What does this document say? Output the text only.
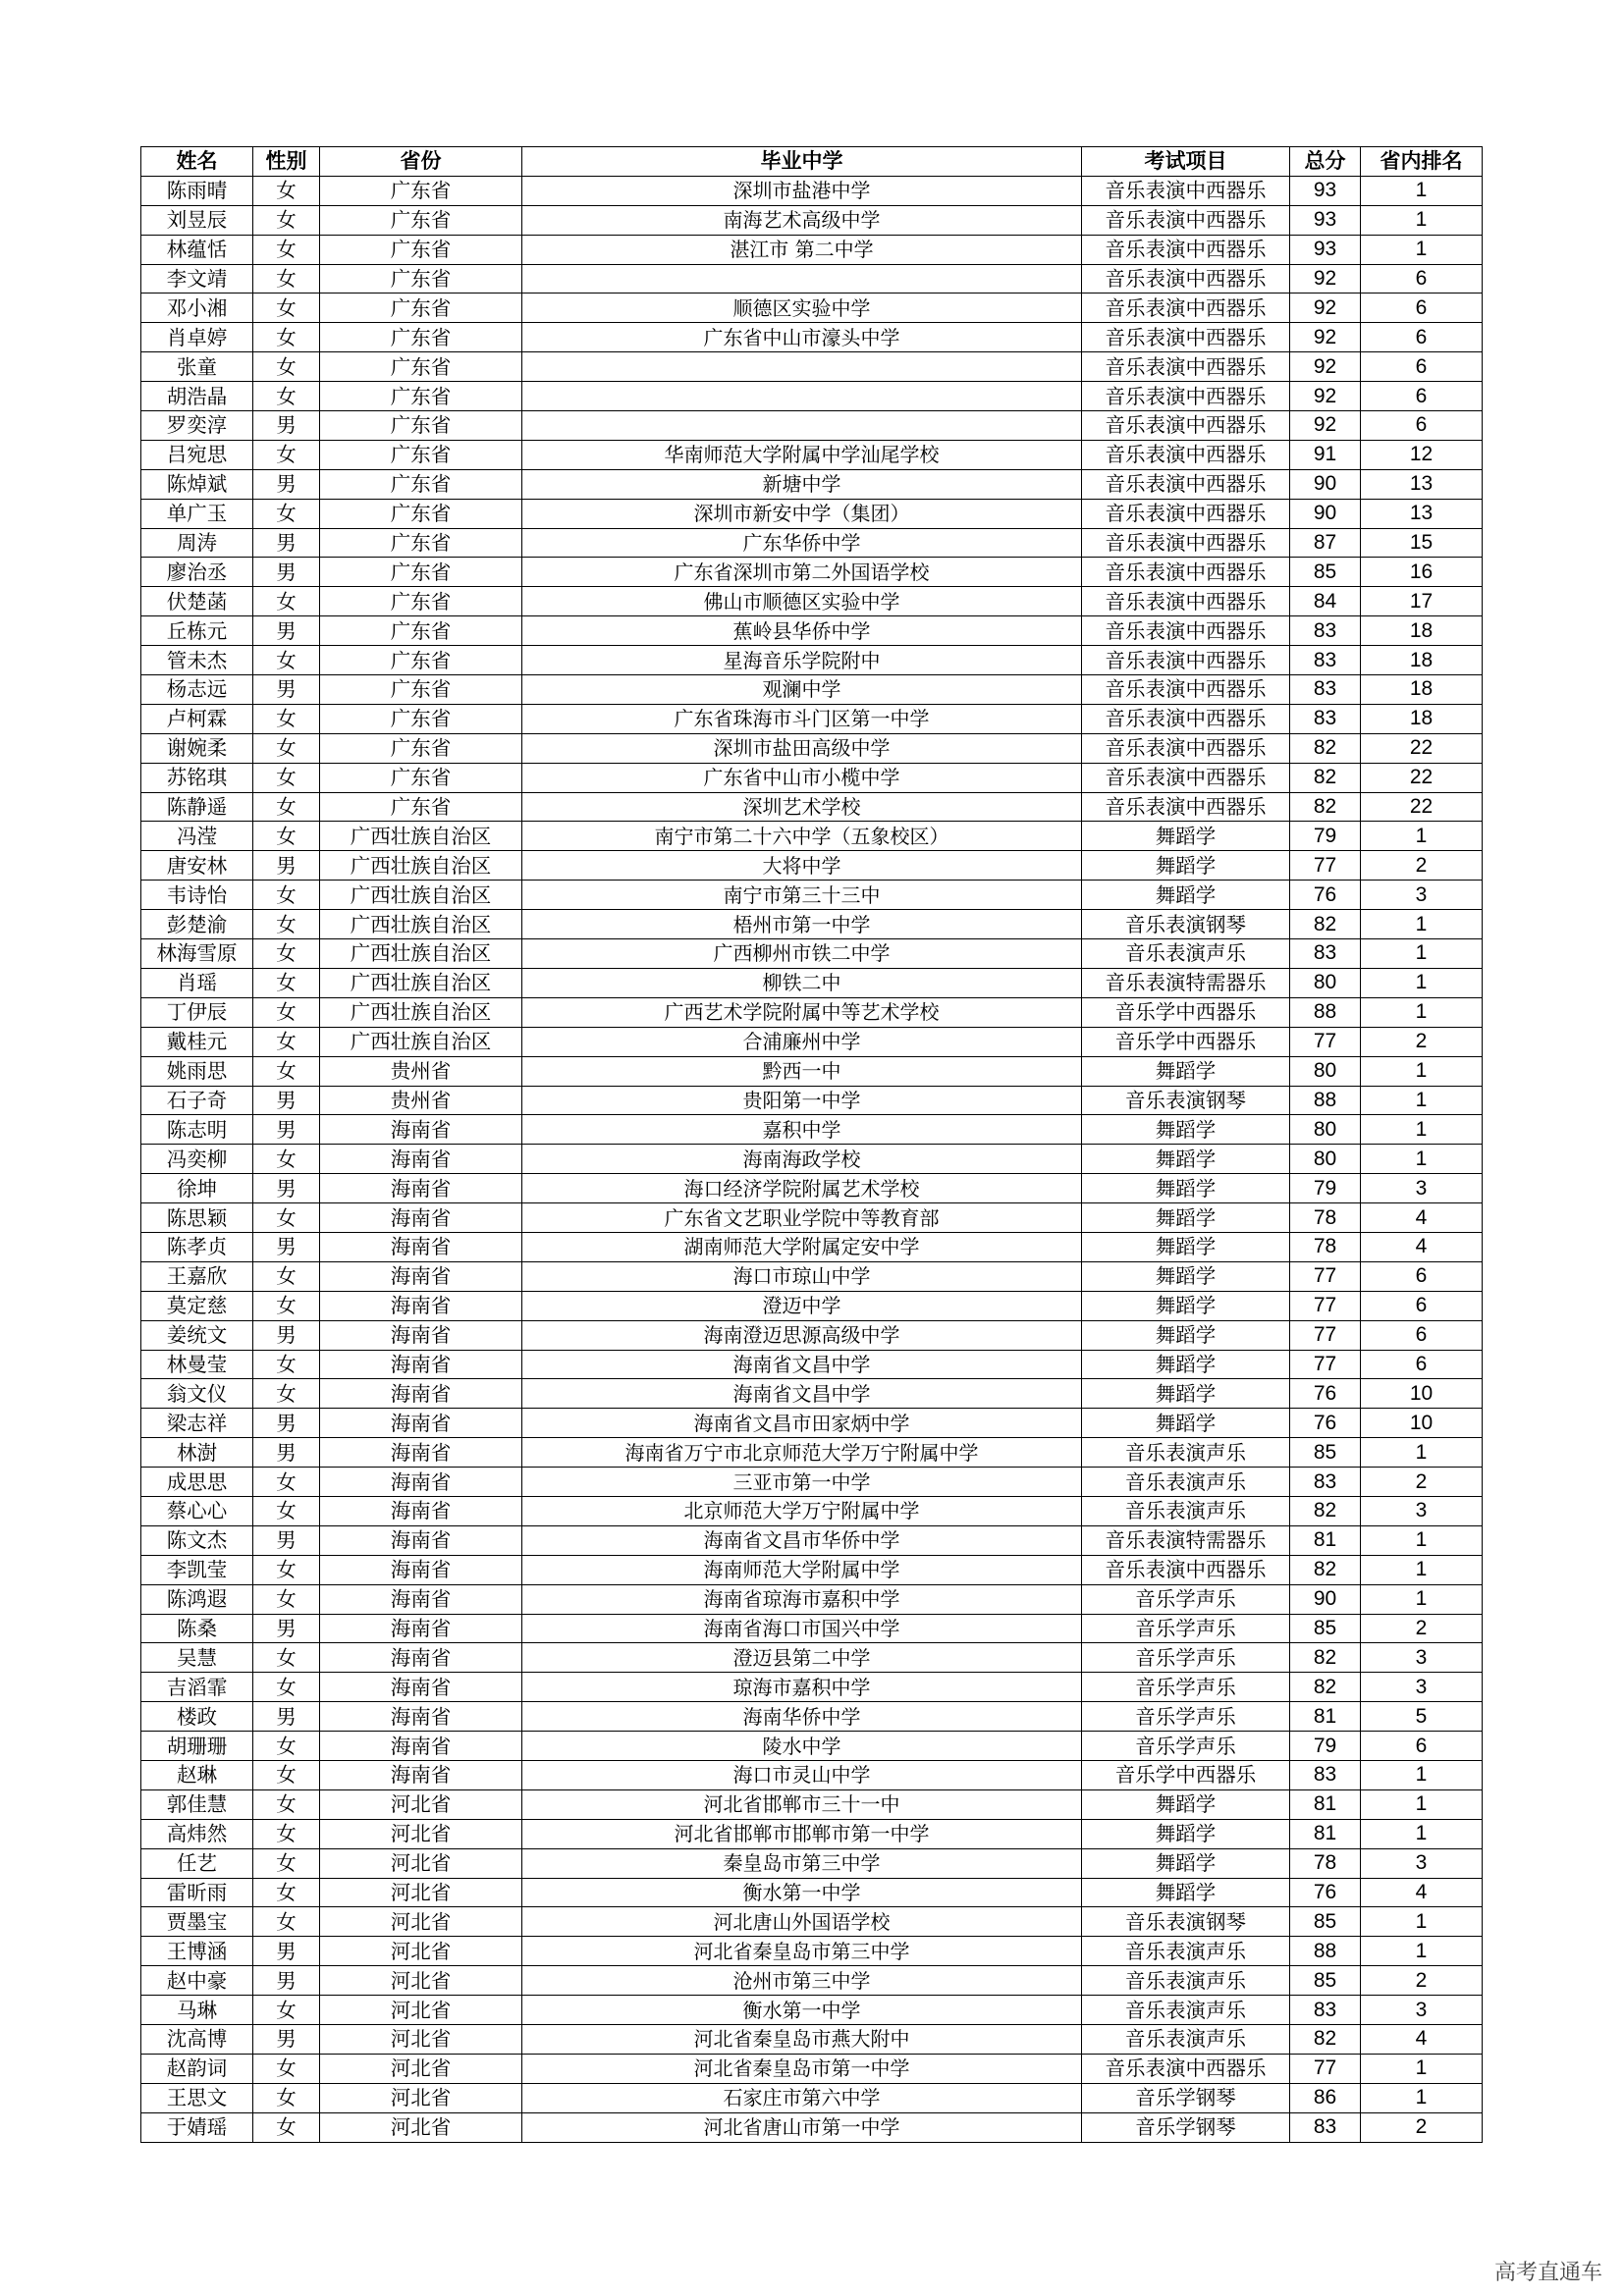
姓名	性别	省份	毕业中学	考试项目	总分	省内排名
陈雨晴	女	广东省	深圳市盐港中学	音乐表演中西器乐	93	1
刘昱辰	女	广东省	南海艺术高级中学	音乐表演中西器乐	93	1
林蕴恬	女	广东省	湛江市 第二中学	音乐表演中西器乐	93	1
李文靖	女	广东省		音乐表演中西器乐	92	6
邓小湘	女	广东省	顺德区实验中学	音乐表演中西器乐	92	6
肖卓婷	女	广东省	广东省中山市濠头中学	音乐表演中西器乐	92	6
张童	女	广东省		音乐表演中西器乐	92	6
胡浩晶	女	广东省		音乐表演中西器乐	92	6
罗奕淳	男	广东省		音乐表演中西器乐	92	6
吕宛思	女	广东省	华南师范大学附属中学汕尾学校	音乐表演中西器乐	91	12
陈焯斌	男	广东省	新塘中学	音乐表演中西器乐	90	13
单广玉	女	广东省	深圳市新安中学（集团）	音乐表演中西器乐	90	13
周涛	男	广东省	广东华侨中学	音乐表演中西器乐	87	15
廖治丞	男	广东省	广东省深圳市第二外国语学校	音乐表演中西器乐	85	16
伏楚菡	女	广东省	佛山市顺德区实验中学	音乐表演中西器乐	84	17
丘栋元	男	广东省	蕉岭县华侨中学	音乐表演中西器乐	83	18
管未杰	女	广东省	星海音乐学院附中	音乐表演中西器乐	83	18
杨志远	男	广东省	观澜中学	音乐表演中西器乐	83	18
卢柯霖	女	广东省	广东省珠海市斗门区第一中学	音乐表演中西器乐	83	18
谢婉柔	女	广东省	深圳市盐田高级中学	音乐表演中西器乐	82	22
苏铭琪	女	广东省	广东省中山市小榄中学	音乐表演中西器乐	82	22
陈静遥	女	广东省	深圳艺术学校	音乐表演中西器乐	82	22
冯滢	女	广西壮族自治区	南宁市第二十六中学（五象校区）	舞蹈学	79	1
唐安林	男	广西壮族自治区	大将中学	舞蹈学	77	2
韦诗怡	女	广西壮族自治区	南宁市第三十三中	舞蹈学	76	3
彭楚渝	女	广西壮族自治区	梧州市第一中学	音乐表演钢琴	82	1
林海雪原	女	广西壮族自治区	广西柳州市铁二中学	音乐表演声乐	83	1
肖瑶	女	广西壮族自治区	柳铁二中	音乐表演特需器乐	80	1
丁伊辰	女	广西壮族自治区	广西艺术学院附属中等艺术学校	音乐学中西器乐	88	1
戴桂元	女	广西壮族自治区	合浦廉州中学	音乐学中西器乐	77	2
姚雨思	女	贵州省	黔西一中	舞蹈学	80	1
石子奇	男	贵州省	贵阳第一中学	音乐表演钢琴	88	1
陈志明	男	海南省	嘉积中学	舞蹈学	80	1
冯奕柳	女	海南省	海南海政学校	舞蹈学	80	1
徐坤	男	海南省	海口经济学院附属艺术学校	舞蹈学	79	3
陈思颖	女	海南省	广东省文艺职业学院中等教育部	舞蹈学	78	4
陈孝贞	男	海南省	湖南师范大学附属定安中学	舞蹈学	78	4
王嘉欣	女	海南省	海口市琼山中学	舞蹈学	77	6
莫定慈	女	海南省	澄迈中学	舞蹈学	77	6
姜统文	男	海南省	海南澄迈思源高级中学	舞蹈学	77	6
林曼莹	女	海南省	海南省文昌中学	舞蹈学	77	6
翁文仪	女	海南省	海南省文昌中学	舞蹈学	76	10
梁志祥	男	海南省	海南省文昌市田家炳中学	舞蹈学	76	10
林澍	男	海南省	海南省万宁市北京师范大学万宁附属中学	音乐表演声乐	85	1
成思思	女	海南省	三亚市第一中学	音乐表演声乐	83	2
蔡心心	女	海南省	北京师范大学万宁附属中学	音乐表演声乐	82	3
陈文杰	男	海南省	海南省文昌市华侨中学	音乐表演特需器乐	81	1
李凯莹	女	海南省	海南师范大学附属中学	音乐表演中西器乐	82	1
陈鸿遐	女	海南省	海南省琼海市嘉积中学	音乐学声乐	90	1
陈桑	男	海南省	海南省海口市国兴中学	音乐学声乐	85	2
吴慧	女	海南省	澄迈县第二中学	音乐学声乐	82	3
吉滔霏	女	海南省	琼海市嘉积中学	音乐学声乐	82	3
楼政	男	海南省	海南华侨中学	音乐学声乐	81	5
胡珊珊	女	海南省	陵水中学	音乐学声乐	79	6
赵琳	女	海南省	海口市灵山中学	音乐学中西器乐	83	1
郭佳慧	女	河北省	河北省邯郸市三十一中	舞蹈学	81	1
高炜然	女	河北省	河北省邯郸市邯郸市第一中学	舞蹈学	81	1
任艺	女	河北省	秦皇岛市第三中学	舞蹈学	78	3
雷昕雨	女	河北省	衡水第一中学	舞蹈学	76	4
贾墨宝	女	河北省	河北唐山外国语学校	音乐表演钢琴	85	1
王博涵	男	河北省	河北省秦皇岛市第三中学	音乐表演声乐	88	1
赵中豪	男	河北省	沧州市第三中学	音乐表演声乐	85	2
马琳	女	河北省	衡水第一中学	音乐表演声乐	83	3
沈高博	男	河北省	河北省秦皇岛市燕大附中	音乐表演声乐	82	4
赵韵词	女	河北省	河北省秦皇岛市第一中学	音乐表演中西器乐	77	1
王思文	女	河北省	石家庄市第六中学	音乐学钢琴	86	1
于婧瑶	女	河北省	河北省唐山市第一中学	音乐学钢琴	83	2
高考直通车
